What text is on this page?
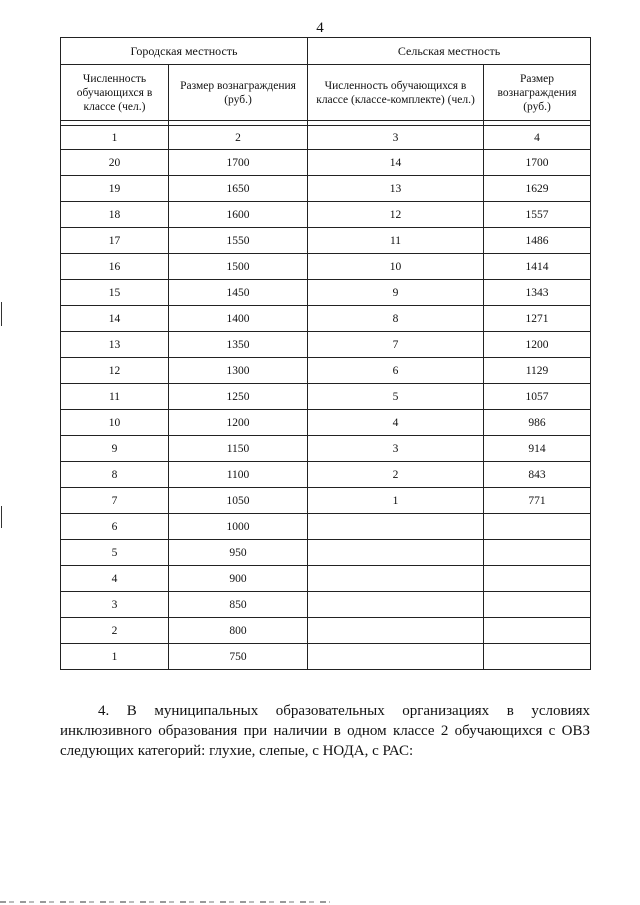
4
Городская местность		Сельская местность	
Численность обучающихся в классе (чел.)	Размер вознаграждения (руб.)	Численность обучающихся в классе (классе-комплекте) (чел.)	Размер вознаграждения (руб.)

1	2	3	4
20	1700	14	1700
19	1650	13	1629
18	1600	12	1557
17	1550	11	1486
16	1500	10	1414
15	1450	9	1343
14	1400	8	1271
13	1350	7	1200
12	1300	6	1129
11	1250	5	1057
10	1200	4	986
9	1150	3	914
8	1100	2	843
7	1050	1	771
6	1000		
5	950		
4	900		
3	850		
2	800		
1	750		

4. В муниципальных образовательных организациях в условиях инклюзивного образования при наличии в одном классе 2 обучающихся с ОВЗ следующих категорий: глухие, слепые, с НОДА, с РАС:
